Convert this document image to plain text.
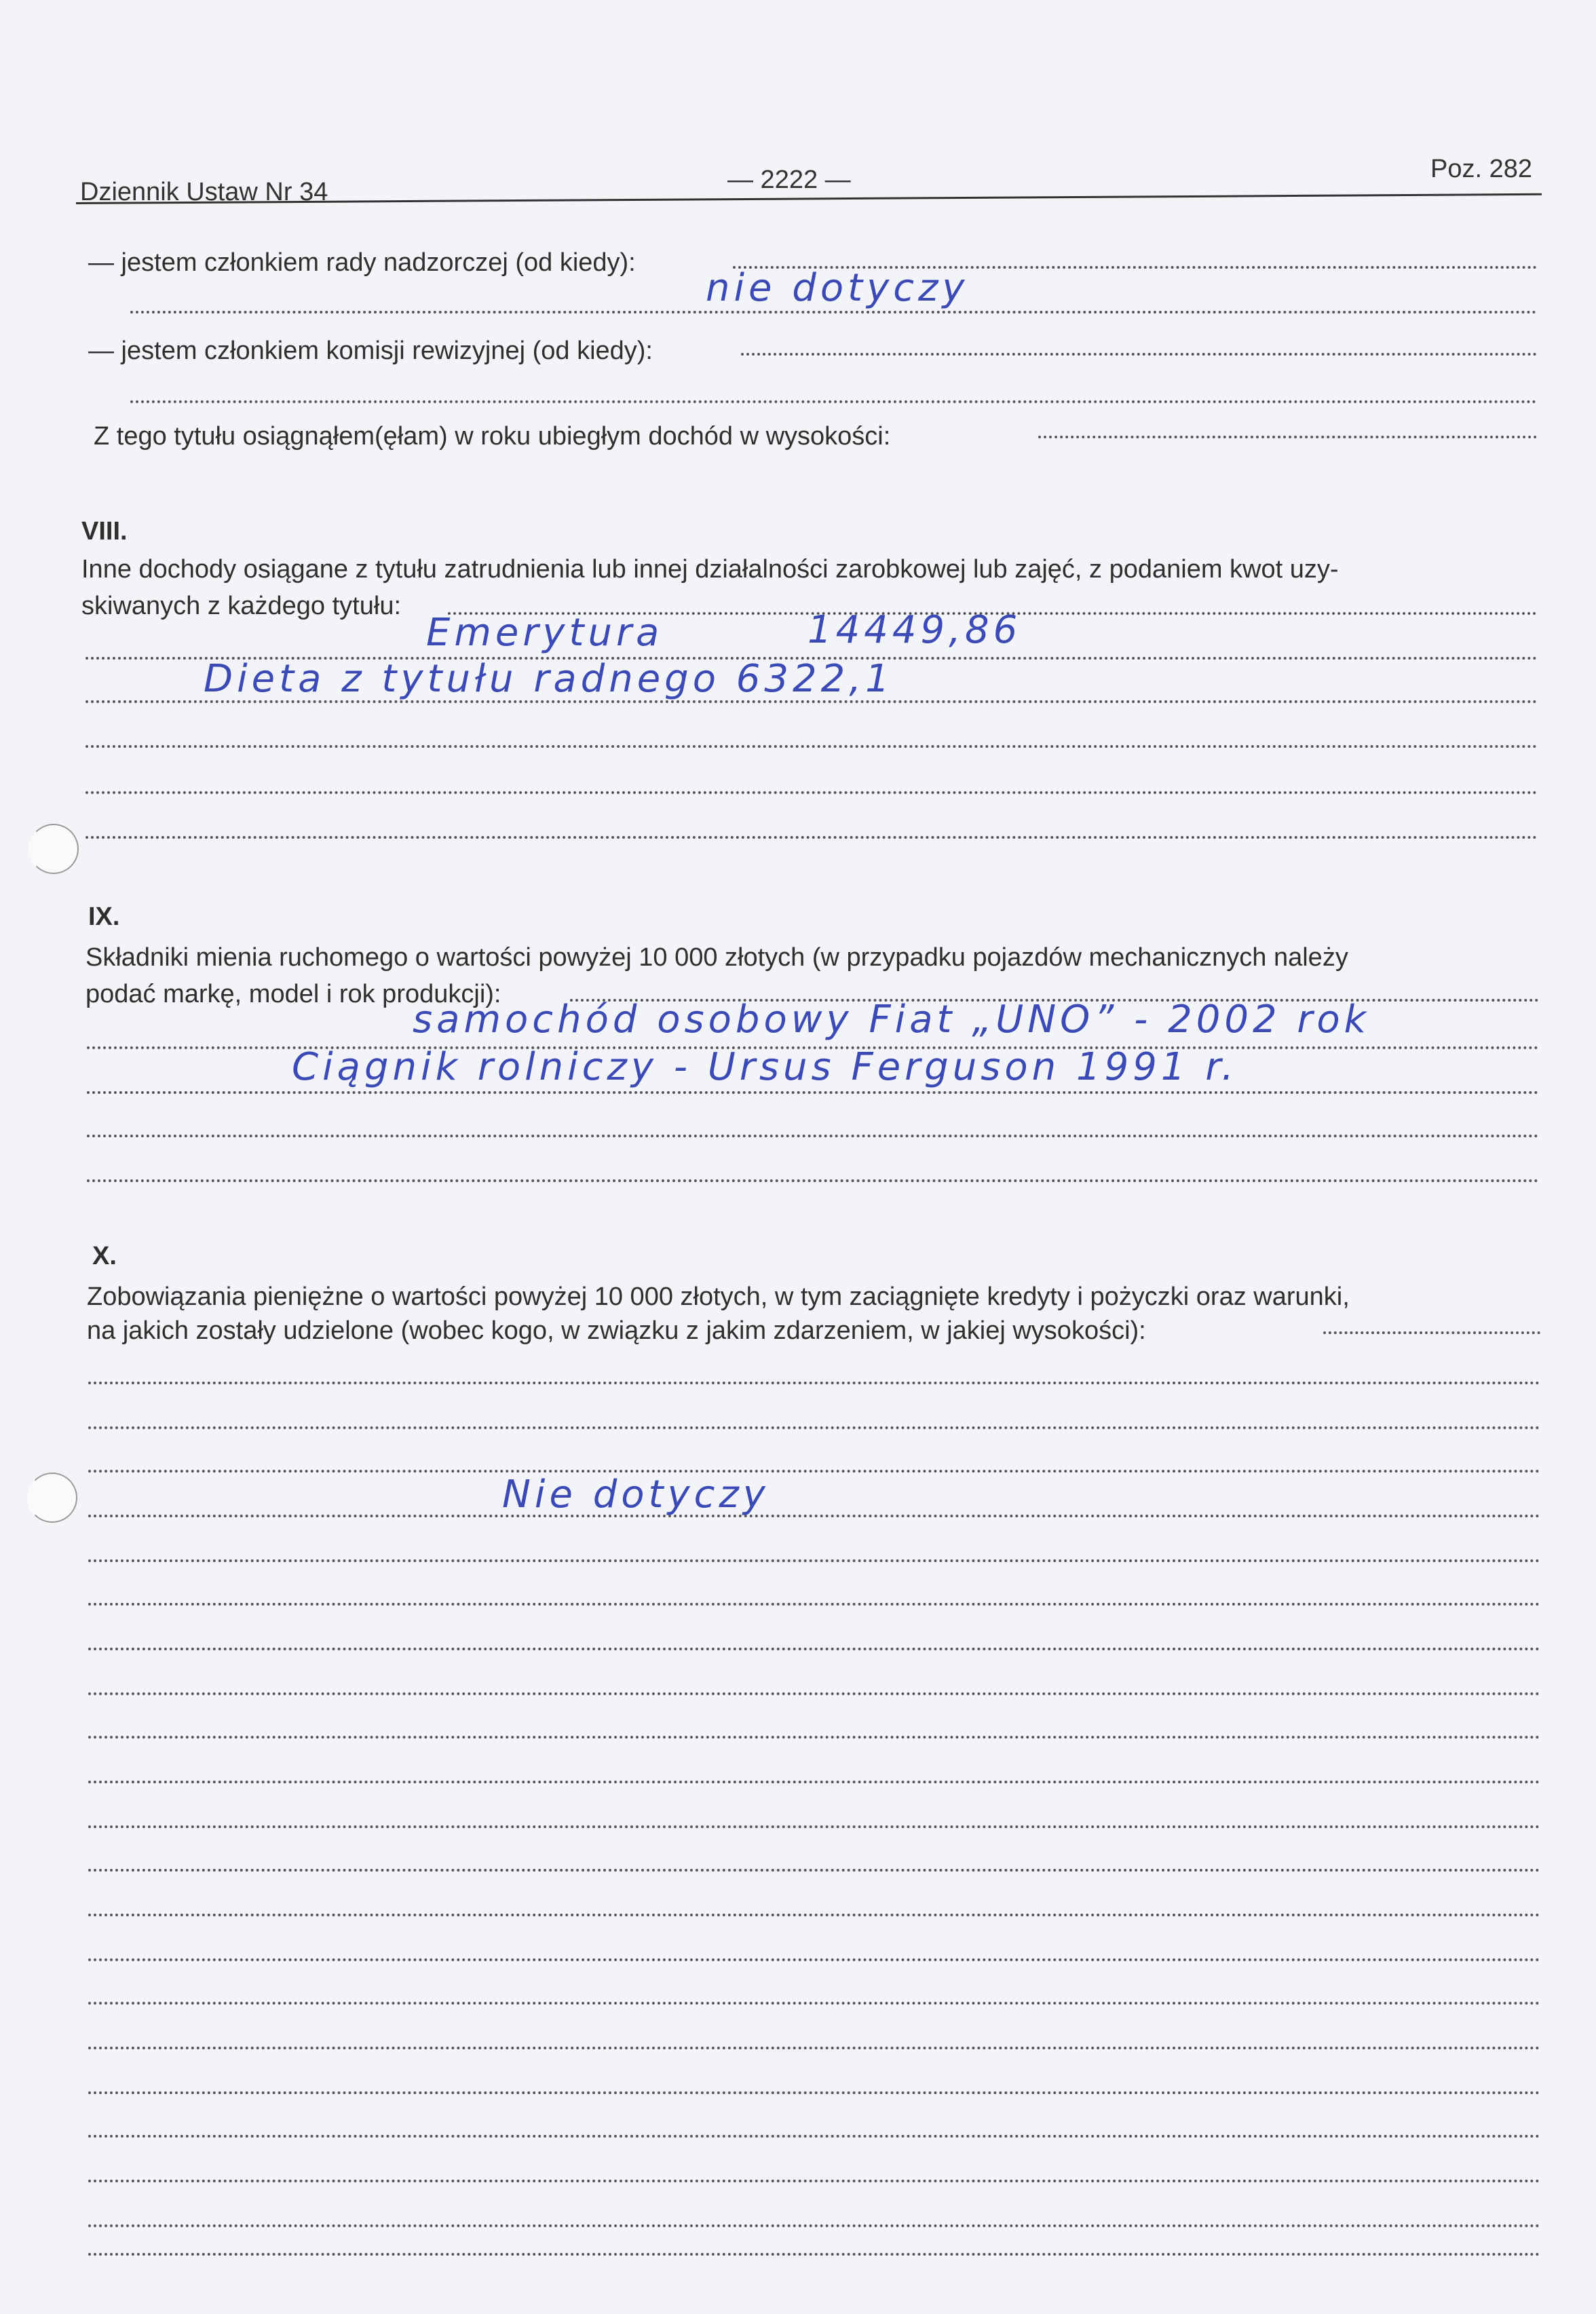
Dziennik Ustaw Nr 34	— 2222 —	Poz. 282
— jestem członkiem rady nadzorczej (od kiedy):
nie dotyczy
— jestem członkiem komisji rewizyjnej (od kiedy):
Z tego tytułu osiągnąłem(ęłam) w roku ubiegłym dochód w wysokości:
VIII.
Inne dochody osiągane z tytułu zatrudnienia lub innej działalności zarobkowej lub zajęć, z podaniem kwot uzy-
skiwanych z każdego tytułu:
Emerytura	14449,86
Dieta z tytułu radnego 6322,1
IX.
Składniki mienia ruchomego o wartości powyżej 10 000 złotych (w przypadku pojazdów mechanicznych należy
podać markę, model i rok produkcji):
samochód osobowy Fiat „UNO” - 2002 rok
Ciągnik rolniczy - Ursus Ferguson 1991 r.
X.
Zobowiązania pieniężne o wartości powyżej 10 000 złotych, w tym zaciągnięte kredyty i pożyczki oraz warunki,
na jakich zostały udzielone (wobec kogo, w związku z jakim zdarzeniem, w jakiej wysokości):
Nie dotyczy
